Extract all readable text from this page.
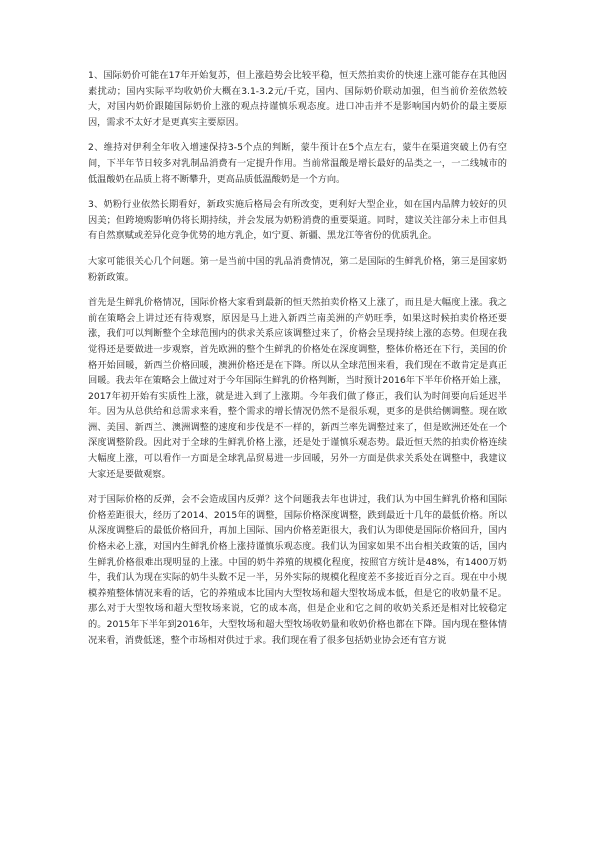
1、国际奶价可能在17年开始复苏，但上涨趋势会比较平稳，恒天然拍卖价的快速上涨可能存在其他因素扰动；国内实际平均收奶价大概在3.1-3.2元/千克，国内、国际奶价联动加强，但当前价差依然较大，对国内奶价跟随国际奶价上涨的观点持谨慎乐观态度。进口冲击并不是影响国内奶价的最主要原因，需求不太好才是更真实主要原因。

2、维持对伊利全年收入增速保持3-5个点的判断，蒙牛预计在5个点左右，蒙牛在渠道突破上仍有空间，下半年节日较多对乳制品消费有一定提升作用。当前常温酸是增长最好的品类之一，一二线城市的低温酸奶在品质上将不断攀升，更高品质低温酸奶是一个方向。

3、奶粉行业依然长期看好，新政实施后格局会有所改变，更利好大型企业，如在国内品牌力较好的贝因美；但跨境购影响仍将长期持续，并会发展为奶粉消费的重要渠道。同时，建议关注部分未上市但具有自然禀赋或差异化竞争优势的地方乳企，如宁夏、新疆、黑龙江等省份的优质乳企。

大家可能很关心几个问题。第一是当前中国的乳品消费情况，第二是国际的生鲜乳价格，第三是国家奶粉新政策。

首先是生鲜乳价格情况，国际价格大家看到最新的恒天然拍卖价格又上涨了，而且是大幅度上涨。我之前在策略会上讲过还有待观察，原因是马上进入新西兰南美洲的产奶旺季，如果这时候拍卖价格还要涨，我们可以判断整个全球范围内的供求关系应该调整过来了，价格会呈现持续上涨的态势。但现在我觉得还是要做进一步观察，首先欧洲的整个生鲜乳的价格处在深度调整，整体价格还在下行，美国的价格开始回暖，新西兰价格回暖，澳洲价格还是在下降。所以从全球范围来看，我们现在不敢肯定是真正回暖。我去年在策略会上做过对于今年国际生鲜乳的价格判断，当时预计2016年下半年价格开始上涨，2017年初开始有实质性上涨，就是进入到了上涨期。今年我们做了修正，我们认为时间要向后延迟半年。因为从总供给和总需求来看，整个需求的增长情况仍然不是很乐观，更多的是供给侧调整。现在欧洲、美国、新西兰、澳洲调整的速度和步伐是不一样的，新西兰率先调整过来了，但是欧洲还处在一个深度调整阶段。因此对于全球的生鲜乳价格上涨，还是处于谨慎乐观态势。最近恒天然的拍卖价格连续大幅度上涨，可以看作一方面是全球乳品贸易进一步回暖，另外一方面是供求关系处在调整中，我建议大家还是要做观察。

对于国际价格的反弹，会不会造成国内反弹？这个问题我去年也讲过，我们认为中国生鲜乳价格和国际价格差距很大，经历了2014、2015年的调整，国际价格深度调整，跌到最近十几年的最低价格。所以从深度调整后的最低价格回升，再加上国际、国内价格差距很大，我们认为即使是国际价格回升，国内价格未必上涨，对国内生鲜乳价格上涨持谨慎乐观态度。我们认为国家如果不出台相关政策的话，国内生鲜乳价格很难出现明显的上涨。中国的奶牛养殖的规模化程度，按照官方统计是48%，有1400万奶牛，我们认为现在实际的奶牛头数不足一半，另外实际的规模化程度差不多接近百分之百。现在中小规模养殖整体情况来看的话，它的养殖成本比国内大型牧场和超大型牧场成本低，但是它的收奶量不足。那么对于大型牧场和超大型牧场来说，它的成本高，但是企业和它之间的收奶关系还是相对比较稳定的。2015年下半年到2016年，大型牧场和超大型牧场收奶量和收奶价格也都在下降。国内现在整体情况来看，消费低迷，整个市场相对供过于求。我们现在看了很多包括奶业协会还有官方说
